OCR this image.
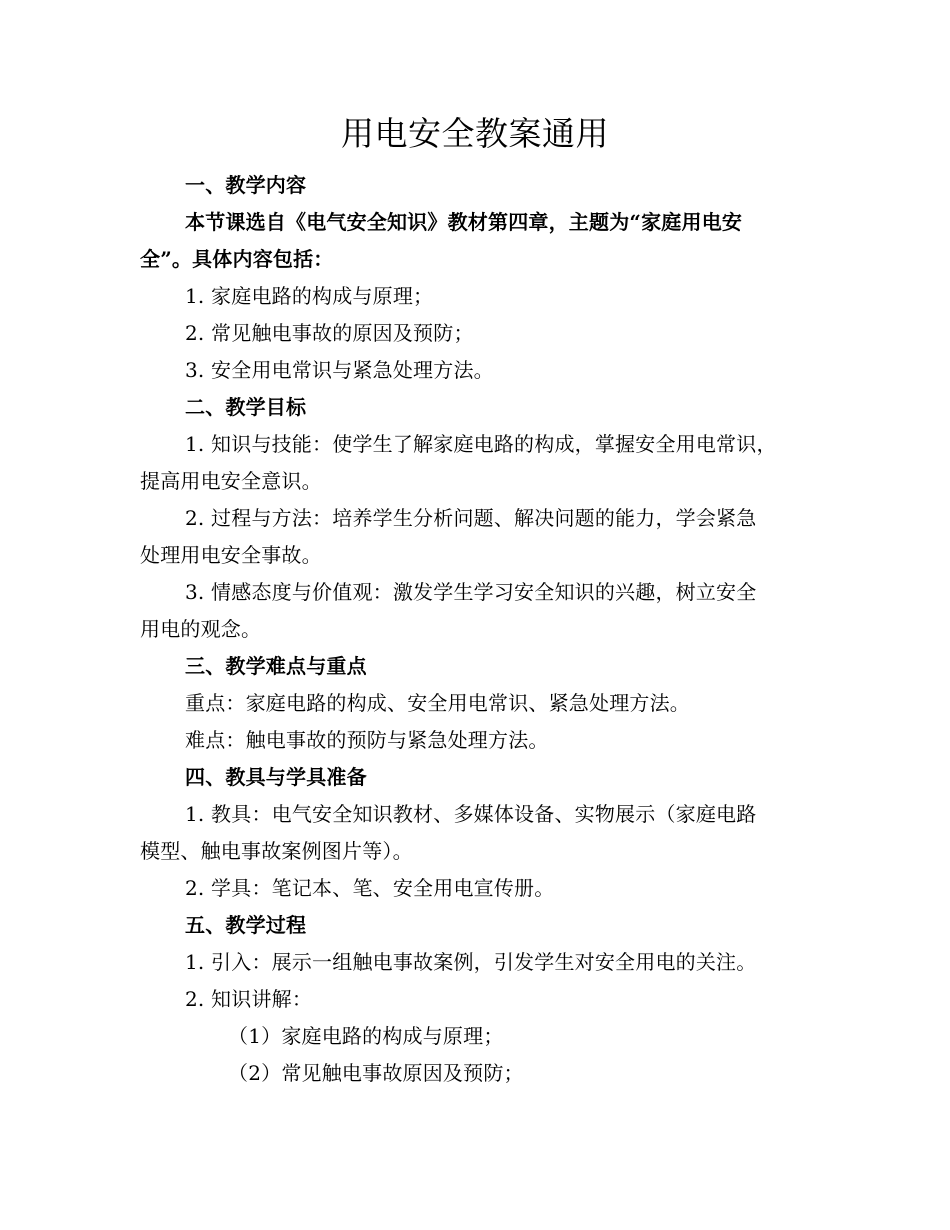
用电安全教案通用
一、教学内容
本节课选自《电气安全知识》教材第四章，主题为“家庭用电安
全”。具体内容包括：
1. 家庭电路的构成与原理；
2. 常见触电事故的原因及预防；
3. 安全用电常识与紧急处理方法。
二、教学目标
1. 知识与技能：使学生了解家庭电路的构成，掌握安全用电常识，
提高用电安全意识。
2. 过程与方法：培养学生分析问题、解决问题的能力，学会紧急
处理用电安全事故。
3. 情感态度与价值观：激发学生学习安全知识的兴趣，树立安全
用电的观念。
三、教学难点与重点
重点：家庭电路的构成、安全用电常识、紧急处理方法。
难点：触电事故的预防与紧急处理方法。
四、教具与学具准备
1. 教具：电气安全知识教材、多媒体设备、实物展示（家庭电路
模型、触电事故案例图片等）。
2. 学具：笔记本、笔、安全用电宣传册。
五、教学过程
1. 引入：展示一组触电事故案例，引发学生对安全用电的关注。
2. 知识讲解：
（1）家庭电路的构成与原理；
（2）常见触电事故原因及预防；
